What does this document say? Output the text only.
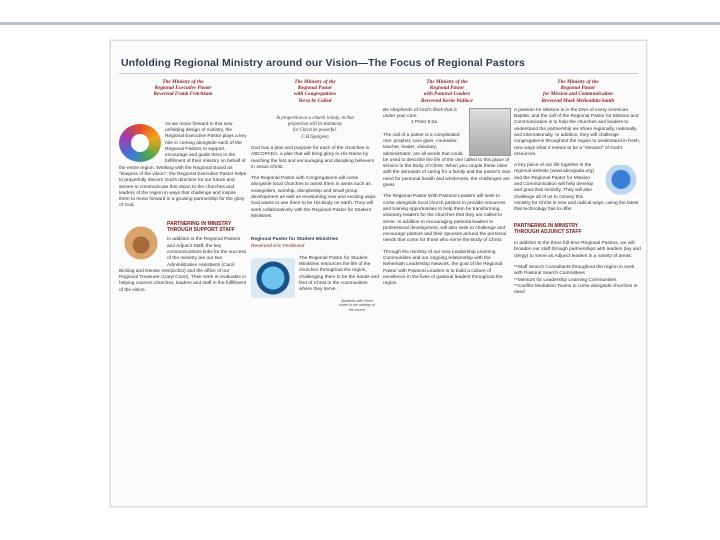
Unfolding Regional Ministry around our Vision—The Focus of Regional Pastors
The Ministry of the
Regional Executive Pastor
Reverend Frank Fritchkam

As we move forward in this new unfolding design of ministry, the Regional Executive Pastor plays a key role in coming alongside each of the Regional Pastors to support, encourage and guide them in the fulfillment of their ministry on behalf of the entire region. Working with the Regional Board as "keepers of the vision", the Regional Executive Pastor helps to prayerfully discern God's direction for our future and serves to communicate this vision to the churches and leaders of the region in ways that challenge and inspire them to move forward in a growing partnership for the glory of God.

PARTNERING IN MINISTRY
THROUGH SUPPORT STAFF

In addition to the Regional Pastors and Adjunct Staff, the key communications links for the success of the ministry are our two Administrative Assistants (Carol Bicking and Denise Vessicchio) and the office of our Regional Treasurer (Caryl Conn). Their work is invaluable in helping connect churches, leaders and staff in the fulfillment of the vision.

The Ministry of the
Regional Pastor
with Congregations
Yet to be Called
In proportion as a church is holy, in that
proportion will its testimony
for Christ be powerful.
C.H.Spurgeon

God has a plan and purpose for each of the churches in ABCOPADA, a plan that will bring glory to His Name by reaching the lost and encouraging and discipling believers in Jesus Christ.

The Regional Pastor with Congregations will come alongside local churches to assist them in areas such as evangelism, worship, discipleship and small group development as well as envisioning new and exciting ways God wants to use them to be His Body on earth. They will work collaboratively with the Regional Pastor for Student Ministries.

Regional Pastor for Student Ministries
Reverend Eric Ferdinand

The Regional Pastor for Student Ministries resources the life of the churches throughout the region, challenging them to be the hands and feet of Christ in the communities where they serve.

Students with Christ share in the ministry of the church
The Ministry of the
Regional Pastor
with Pastoral Leaders
Reverend Kevin Wallace
Be shepherds of God's flock that is under your care.
1 Peter 5:2a

The call of a pastor is a complicated one: prophet, care giver, counselor, teacher, leader, visionary, administrator, are all words that could be used to describe the life of the one called to this place of service in the Body of Christ. When you couple these roles with the demands of caring for a family and the pastor's own need for personal health and wholeness, the challenges are great.

The Regional Pastor With Pastoral Leaders will seek to come alongside local church pastors to provide resources and training opportunities to help them be transforming, visionary leaders for the churches that they are called to serve. In addition to encouraging pastoral leaders in professional development, will also seek to challenge and encourage pastors and their spouses around the personal needs that come for those who serve the Body of Christ.

Through the ministry of our new Leadership Learning Communities and our ongoing relationship with the Nehemiah Leadership Network, the goal of the Regional Pastor with Pastoral Leaders is to build a culture of excellence in the lives of pastoral leaders throughout the region.

The Ministry of the
Regional Pastor
for Mission and Communication
Reverend Mark Mellenthin-Smith

A passion for Mission is in the DNA of every American Baptist, and the call of the Regional Pastor for Mission and Communication is to help the churches and leaders to understand the partnership we share regionally, nationally and internationally. In addition, they will challenge congregations throughout the region to understand in fresh, new ways what it means to be a "steward" of God's resources.

A key piece of our life together is the regional website (www.abcopada.org) and the Regional Pastor for Mission and Communication will help develop and grow that ministry. They will also challenge all of us to convey this ministry for Christ in new and radical ways, using the latest that technology has to offer.

PARTNERING IN MINISTRY
THROUGH ADJUNCT STAFF

In addition to the three full-time Regional Pastors, we will broaden our staff through partnerships with leaders (lay and clergy) to serve as Adjunct leaders in a variety of areas:

**Staff Search Consultants throughout the region to work with Pastoral Search Committees
**Mentors for Leadership Learning Communities
**Conflict Mediation Teams to come alongside churches in need
